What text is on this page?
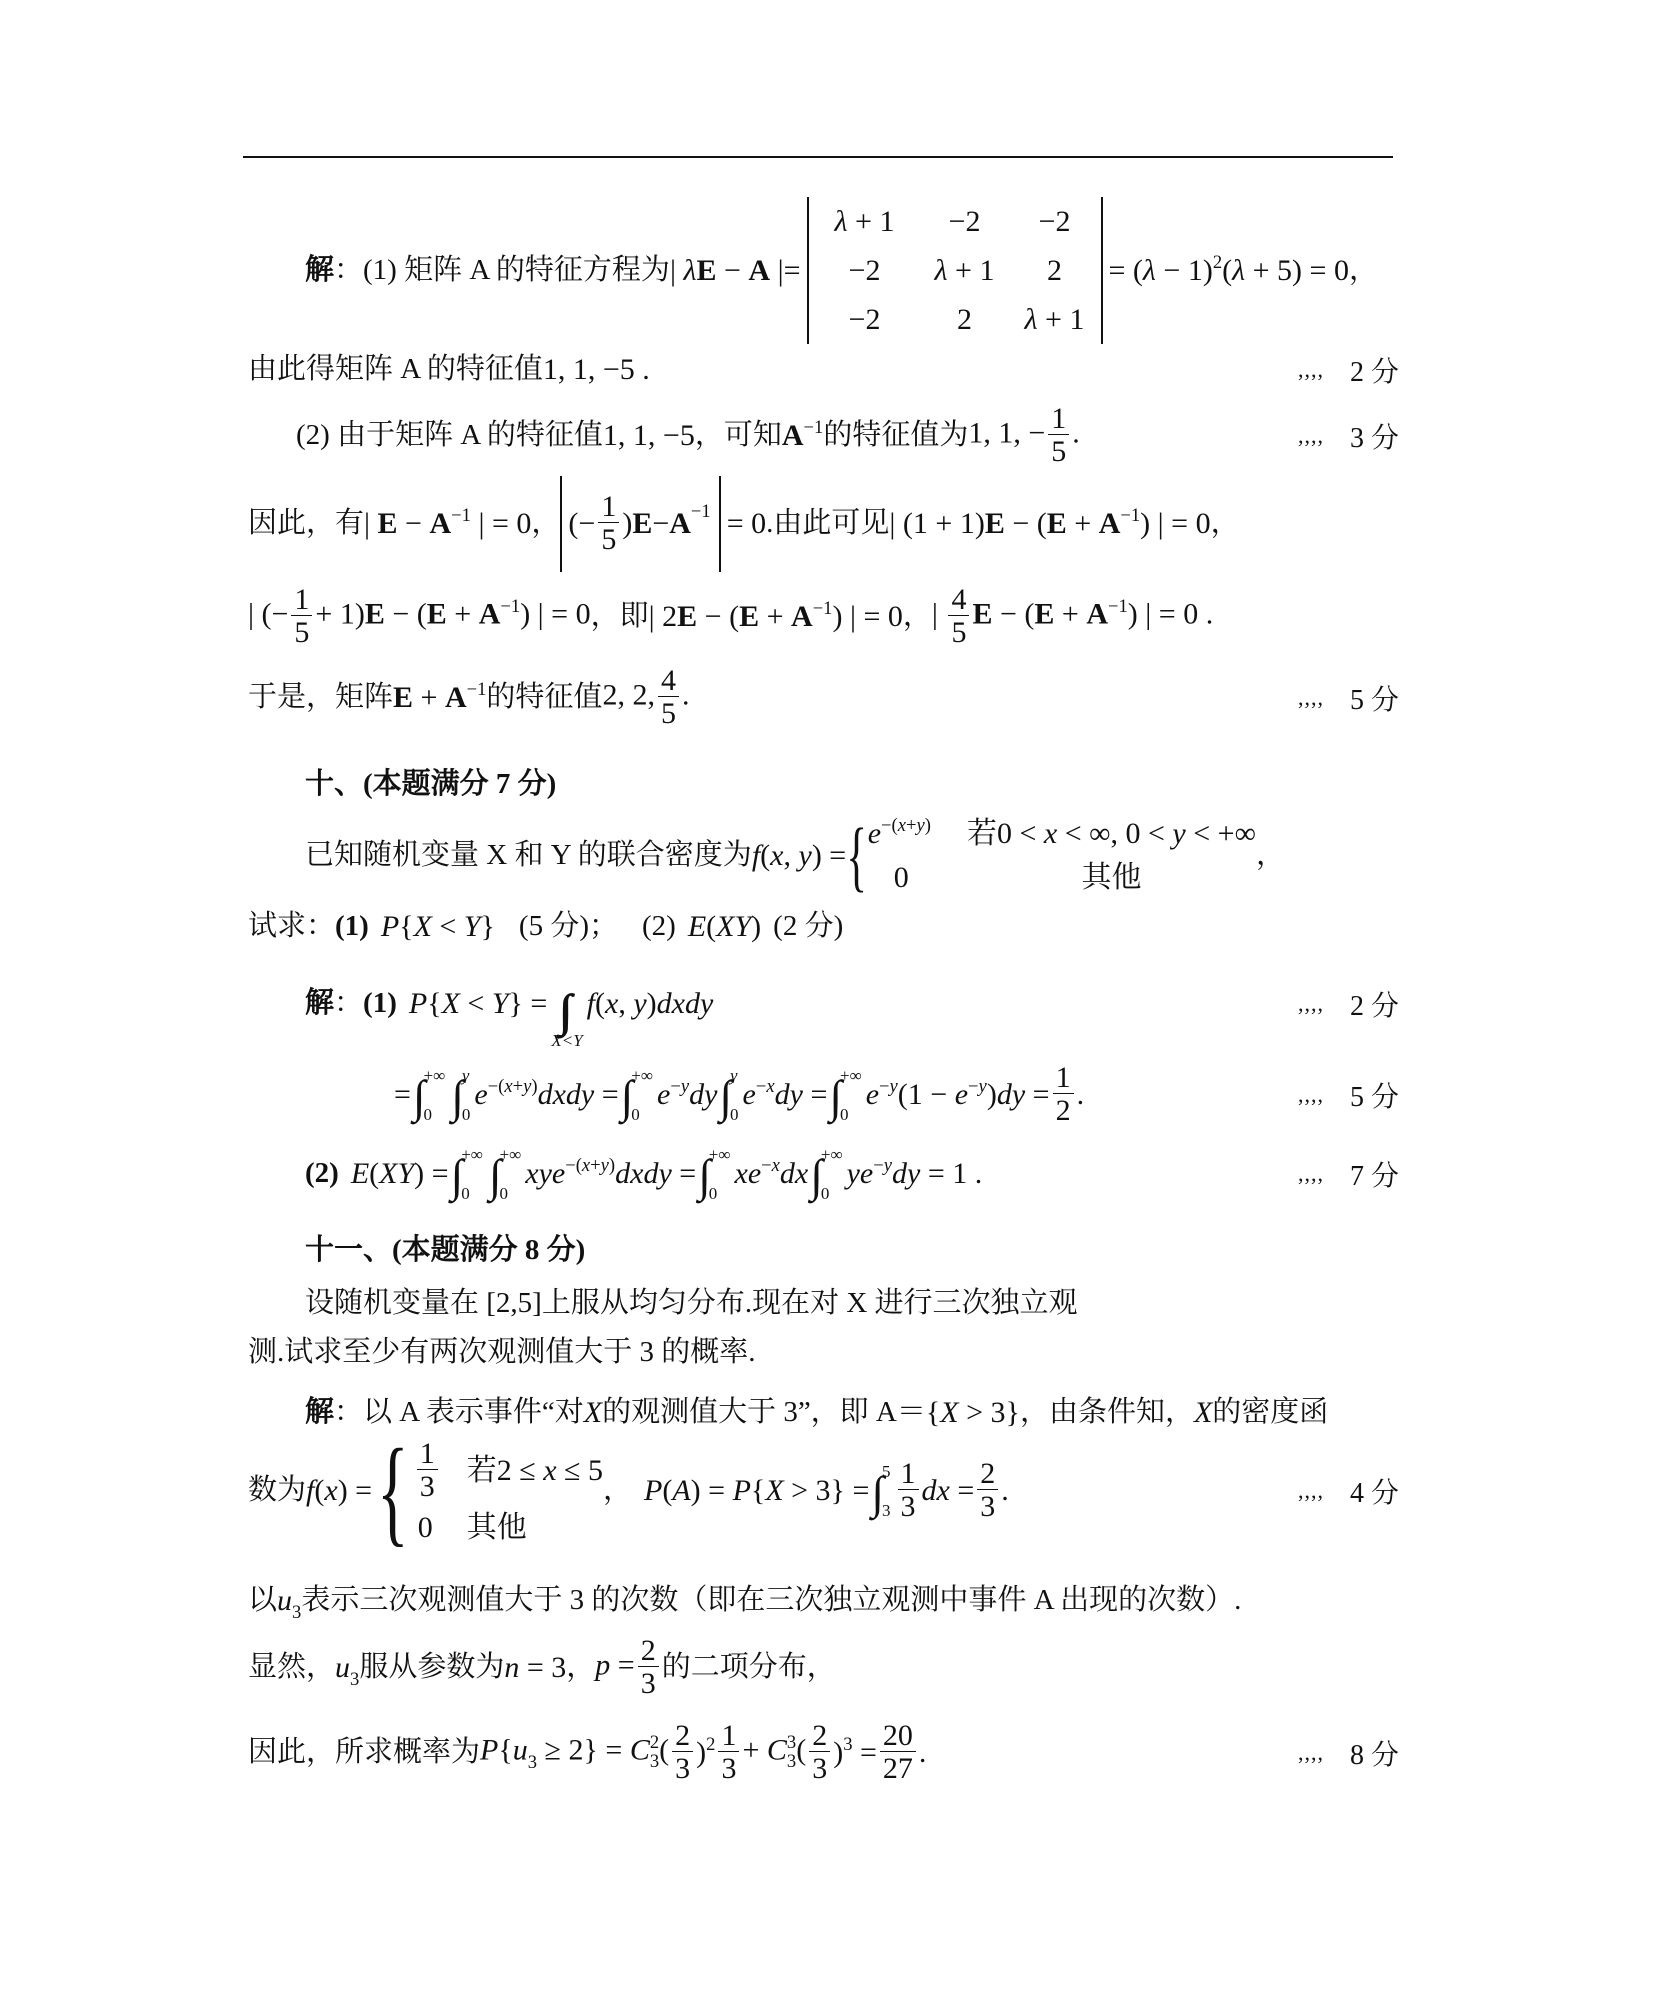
解 ：(1) 矩阵 A 的特征方程为 | λE − A |=
λ + 1	−2	−2
−2	λ + 1	2
−2	2	λ + 1
= $(\lambda - 1)^2(\lambda + 5) = 0$ ，
由此得矩阵 A 的特征值 1, 1, −5 .	,,,, 2 分
(2) 由于矩阵 A 的特征值 1, 1, −5 ，可知 $A^{-1}$ 的特征值为 1, 1, − $\frac{1}{5}$ .	,,,, 3 分
因此，有 | $E - A^{-1}$ | = 0 ， (− $\frac{1}{5}$ ) E − A −1 = 0 .由此可见 | $(1 + 1)E - (E + A^{-1})$ | = 0 ，
| (− $\frac{1}{5} + 1)E - (E + A^{-1})$ | = 0 ，即 | $2E - (E + A^{-1})$ | = 0 ， | $\frac{4}{5}$ $E - (E + A^{-1})$ | = 0 .
于是，矩阵 $E + A^{-1}$ 的特征值 2, 2, $\frac{4}{5}$ .	,,,, 5 分
十、(本题满分 7 分)
已知随机变量 X 和 Y 的联合密度为 f(x, y) = { $e^{-(x+y)}$ 若0 < x < ∞, 0 < y < +∞
0	其他
，
试求： (1) P{X < Y} (5 分)； (2) E(XY) (2 分)
解 ： (1) P{X < Y} =
X<Y
f(x, y)dxdy	,,,, 2 分
= ∫
+∞
0 ∫
y
0
$e^{-(x+y)}dxdy$ = ∫
+∞
0
$e^{-y}dy$ ∫
y
0
$e^{-x}dy$ = ∫
+∞
0
$e^{-y}(1 - e^{-y})dy = \frac{1}{2}$ .	,,,, 5 分
(2) E(XY) = ∫
+∞
0 ∫
+∞
0
xye$^{-(x+y)}$dxdy = ∫
+∞
0
$xe^{-x}dx$ ∫
+∞
0
$ye^{-y}dy = 1$ .	,,,, 7 分
十一、(本题满分 8 分)
设随机变量在 [2,5]上服从均匀分布.现在对 X 进行三次独立观
测.试求至少有两次观测值大于 3 的概率.
解 ：以 A 表示事件“对 X 的观测值大于 3”，即 A＝ {X > 3} ，由条件知， X 的密度函
数为 f(x) = { $\frac{1}{3}$ 若2 ≤ x ≤ 5
0 其他
， P(A) = P{X > 3} = ∫
5
$3 \frac{1}{3}$ dx = $\frac{2}{3}$ .	,,,, 4 分
以 $u_3$ 表示三次观测值大于 3 的次数（即在三次独立观测中事件 A 出现的次数）.
显然， $u_3$ 服从参数为 n = 3 ， $p = \frac{2}{3}$ 的二项分布，
因此，所求概率为 $P\{u_3 \ge 2\} = C$ 2
3 ( $\frac{2}{3} )^2 \frac{1}{3} + C$ 3
3 ( $\frac{2}{3} )^3 = \frac{20}{27}$ .	,,,, 8 分
